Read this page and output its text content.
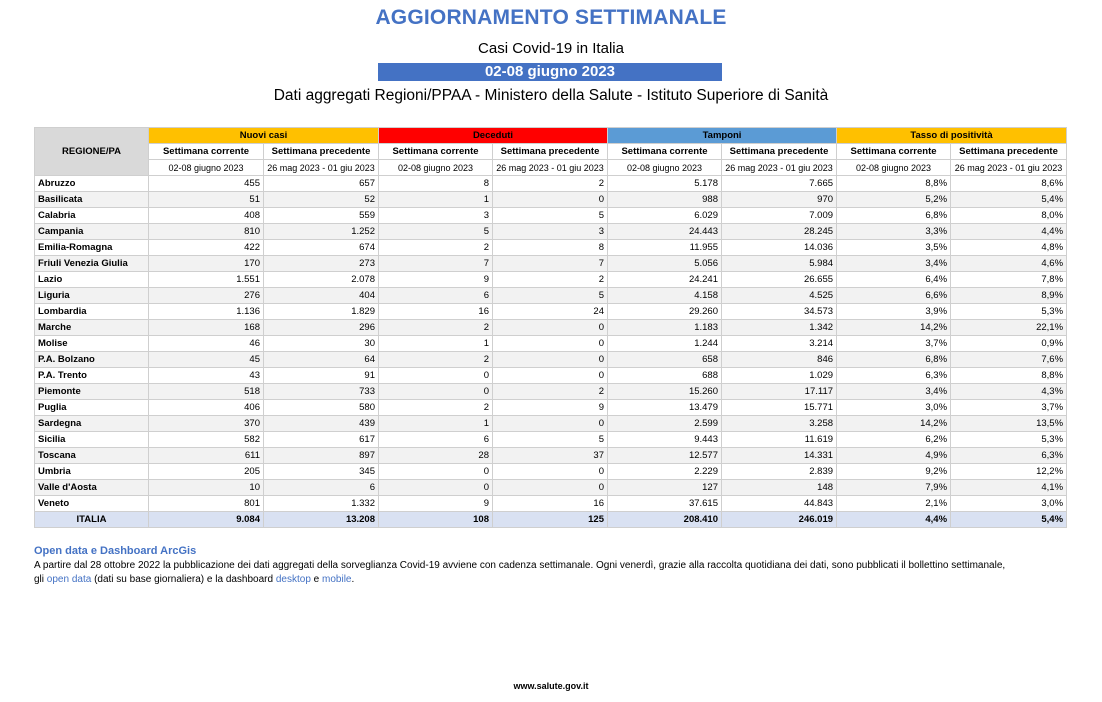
AGGIORNAMENTO SETTIMANALE
Casi Covid-19 in Italia
02-08 giugno 2023
Dati aggregati Regioni/PPAA - Ministero della Salute - Istituto Superiore di Sanità
REGIONE/PA	Nuovi casi		Deceduti		Tamponi		Tasso di positività	
	Settimana corrente	Settimana precedente	Settimana corrente	Settimana precedente	Settimana corrente	Settimana precedente	Settimana corrente	Settimana precedente
	02-08 giugno 2023	26 mag 2023 - 01 giu 2023	02-08 giugno 2023	26 mag 2023 - 01 giu 2023	02-08 giugno 2023	26 mag 2023 - 01 giu 2023	02-08 giugno 2023	26 mag 2023 - 01 giu 2023
Abruzzo	455	657	8	2	5.178	7.665	8,8%	8,6%
Basilicata	51	52	1	0	988	970	5,2%	5,4%
Calabria	408	559	3	5	6.029	7.009	6,8%	8,0%
Campania	810	1.252	5	3	24.443	28.245	3,3%	4,4%
Emilia-Romagna	422	674	2	8	11.955	14.036	3,5%	4,8%
Friuli Venezia Giulia	170	273	7	7	5.056	5.984	3,4%	4,6%
Lazio	1.551	2.078	9	2	24.241	26.655	6,4%	7,8%
Liguria	276	404	6	5	4.158	4.525	6,6%	8,9%
Lombardia	1.136	1.829	16	24	29.260	34.573	3,9%	5,3%
Marche	168	296	2	0	1.183	1.342	14,2%	22,1%
Molise	46	30	1	0	1.244	3.214	3,7%	0,9%
P.A. Bolzano	45	64	2	0	658	846	6,8%	7,6%
P.A. Trento	43	91	0	0	688	1.029	6,3%	8,8%
Piemonte	518	733	0	2	15.260	17.117	3,4%	4,3%
Puglia	406	580	2	9	13.479	15.771	3,0%	3,7%
Sardegna	370	439	1	0	2.599	3.258	14,2%	13,5%
Sicilia	582	617	6	5	9.443	11.619	6,2%	5,3%
Toscana	611	897	28	37	12.577	14.331	4,9%	6,3%
Umbria	205	345	0	0	2.229	2.839	9,2%	12,2%
Valle d'Aosta	10	6	0	0	127	148	7,9%	4,1%
Veneto	801	1.332	9	16	37.615	44.843	2,1%	3,0%
ITALIA	9.084	13.208	108	125	208.410	246.019	4,4%	5,4%
Open data e Dashboard ArcGis
A partire dal 28 ottobre 2022 la pubblicazione dei dati aggregati della sorveglianza Covid-19 avviene con cadenza settimanale. Ogni venerdì, grazie alla raccolta quotidiana dei dati, sono pubblicati il bollettino settimanale,
gli open data (dati su base giornaliera) e la dashboard desktop e mobile.
www.salute.gov.it
